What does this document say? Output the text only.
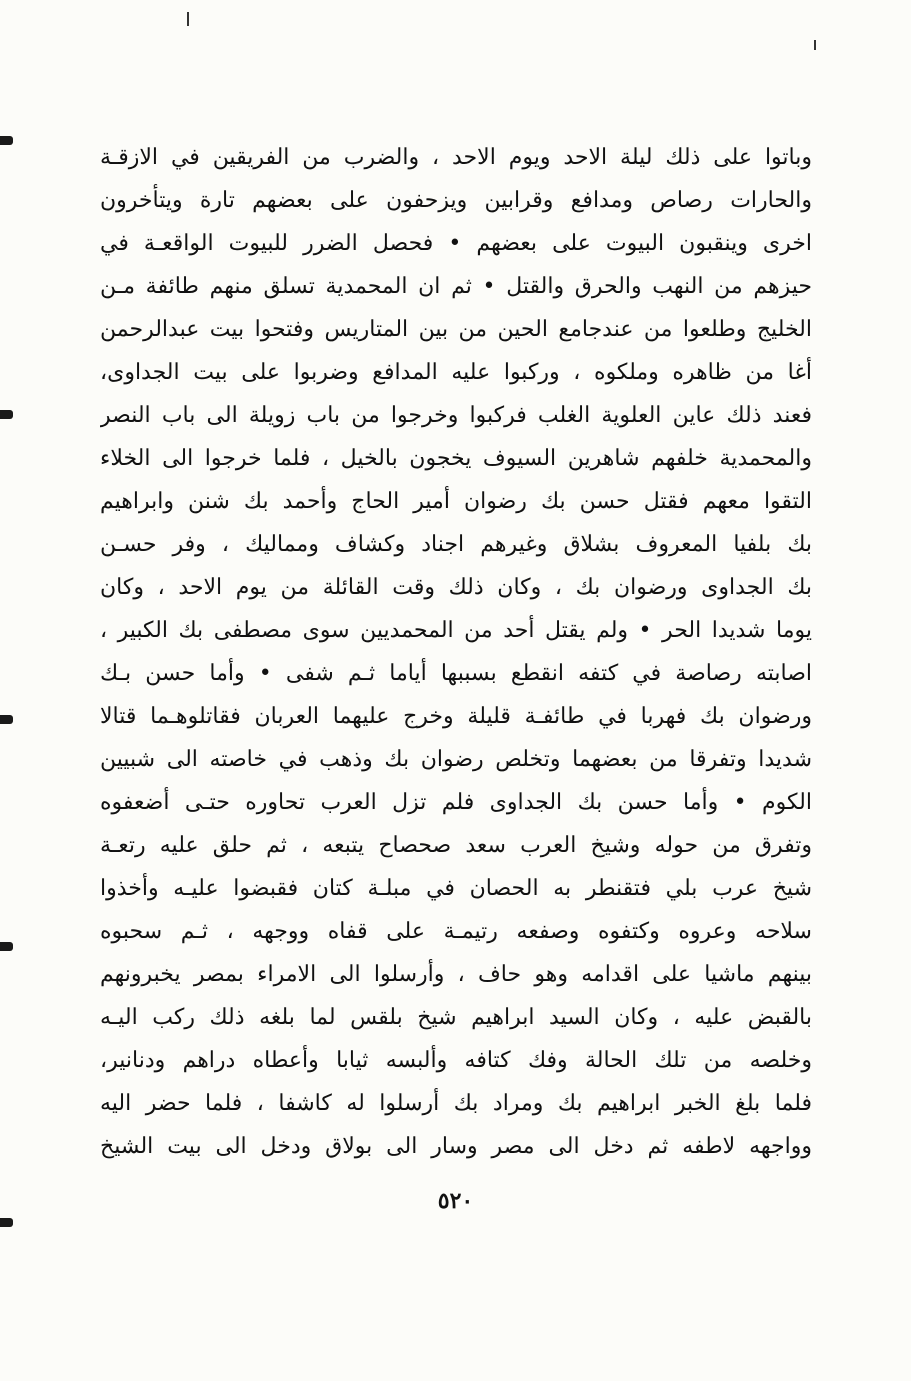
وباتوا على ذلك ليلة الاحد ويوم الاحد ، والضرب من الفريقين في الازقـة
والحارات رصاص ومدافع وقرابين ويزحفون على بعضهم تارة ويتأخرون
اخرى وينقبون البيوت على بعضهم • فحصل الضرر للبيوت الواقعـة في
حيزهم من النهب والحرق والقتل • ثم ان المحمدية تسلق منهم طائفة مـن
الخليج وطلعوا من عندجامع الحين من بين المتاريس وفتحوا بيت عبدالرحمن
أغا من ظاهره وملكوه ، وركبوا عليه المدافع وضربوا على بيت الجداوى،
فعند ذلك عاين العلوية الغلب فركبوا وخرجوا من باب زويلة الى باب النصر
والمحمدية خلفهم شاهرين السيوف يخجون بالخيل ، فلما خرجوا الى الخلاء
التقوا معهم فقتل حسن بك رضوان أمير الحاج وأحمد بك شنن وابراهيم
بك بلفيا المعروف بشلاق وغيرهم اجناد وكشاف ومماليك ، وفر حسـن
بك الجداوى ورضوان بك ، وكان ذلك وقت القائلة من يوم الاحد ، وكان
يوما شديدا الحر • ولم يقتل أحد من المحمديين سوى مصطفى بك الكبير ،
اصابته رصاصة في كتفه انقطع بسببها أياما ثـم شفى • وأما حسن بـك
ورضوان بك فهربا في طائفـة قليلة وخرج عليهما العربان فقاتلوهـما قتالا
شديدا وتفرقا من بعضهما وتخلص رضوان بك وذهب في خاصته الى شبيين
الكوم • وأما حسن بك الجداوى فلم تزل العرب تحاوره حتـى أضعفوه
وتفرق من حوله وشيخ العرب سعد صحصاح يتبعه ، ثم حلق عليه رتعـة
شيخ عرب بلي فتقنطر به الحصان في مبلـة كتان فقبضوا عليـه وأخذوا
سلاحه وعروه وكتفوه وصفعه رتيمـة على قفاه ووجهه ، ثـم سحبوه
بينهم ماشيا على اقدامه وهو حاف ، وأرسلوا الى الامراء بمصر يخبرونهم
بالقبض عليه ، وكان السيد ابراهيم شيخ بلقس لما بلغه ذلك ركب اليـه
وخلصه من تلك الحالة وفك كتافه وألبسه ثيابا وأعطاه دراهم ودنانير،
فلما بلغ الخبر ابراهيم بك ومراد بك أرسلوا له كاشفا ، فلما حضر اليه
وواجهه لاطفه ثم دخل الى مصر وسار الى بولاق ودخل الى بيت الشيخ
٥٢٠
